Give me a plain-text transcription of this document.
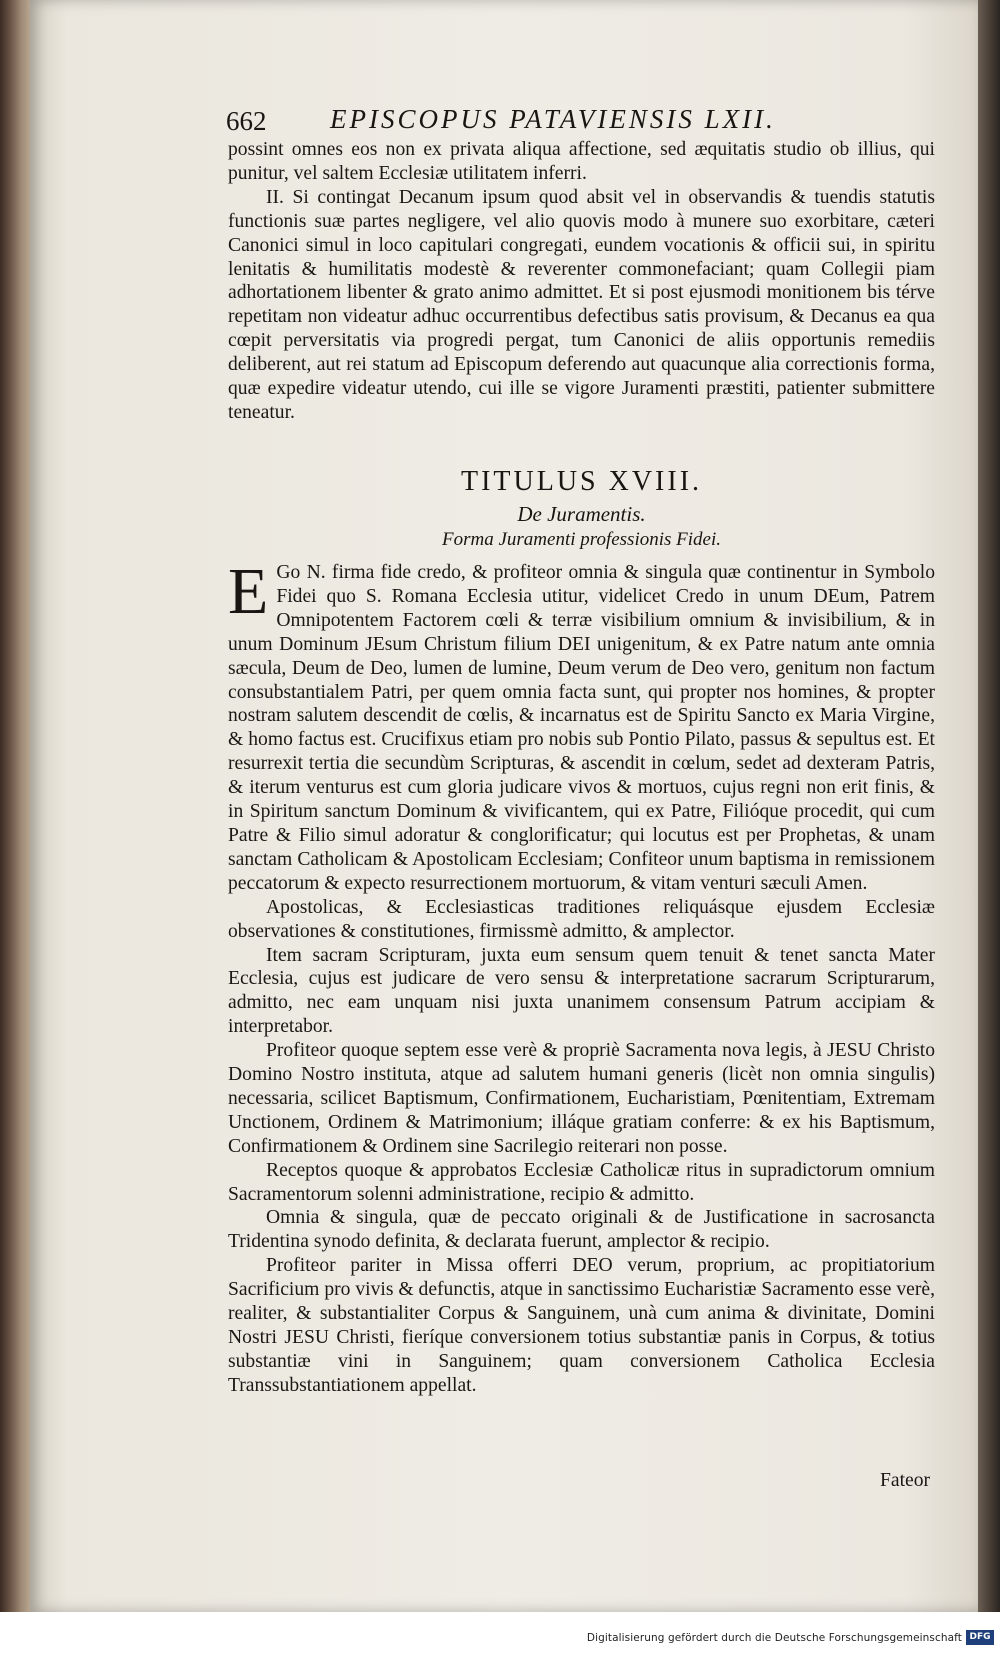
662 EPISCOPUS PATAVIENSIS LXII.

possint omnes eos non ex privata aliqua affectione, sed æquitatis studio ob illius, qui punitur, vel saltem Ecclesiæ utilitatem inferri.

II. Si contingat Decanum ipsum quod absit vel in observandis & tuendis statutis functionis suæ partes negligere, vel alio quovis modo à munere suo exorbitare, cæteri Canonici simul in loco capitulari congregati, eundem vocationis & officii sui, in spiritu lenitatis & humilitatis modestè & reverenter commonefaciant; quam Collegii piam adhortationem libenter & grato animo admittet. Et si post ejusmodi monitionem bis térve repetitam non videatur adhuc occurrentibus defectibus satis provisum, & Decanus ea qua cœpit perversitatis via progredi pergat, tum Canonici de aliis opportunis remediis deliberent, aut rei statum ad Episcopum deferendo aut quacunque alia correctionis forma, quæ expedire videatur utendo, cui ille se vigore Juramenti præstiti, patienter submittere teneatur.

TITULUS XVIII.
De Juramentis.
Forma Juramenti professionis Fidei.

E Go N. firma fide credo, & profiteor omnia & singula quæ continentur in Symbolo Fidei quo S. Romana Ecclesia utitur, videlicet Credo in unum DEum, Patrem Omnipotentem Factorem cœli & terræ visibilium omnium & invisibilium, & in unum Dominum JEsum Christum filium DEI unigenitum, & ex Patre natum ante omnia sæcula, Deum de Deo, lumen de lumine, Deum verum de Deo vero, genitum non factum consubstantialem Patri, per quem omnia facta sunt, qui propter nos homines, & propter nostram salutem descendit de cœlis, & incarnatus est de Spiritu Sancto ex Maria Virgine, & homo factus est. Crucifixus etiam pro nobis sub Pontio Pilato, passus & sepultus est. Et resurrexit tertia die secundùm Scripturas, & ascendit in cœlum, sedet ad dexteram Patris, & iterum venturus est cum gloria judicare vivos & mortuos, cujus regni non erit finis, & in Spiritum sanctum Dominum & vivificantem, qui ex Patre, Filióque procedit, qui cum Patre & Filio simul adoratur & conglorificatur; qui locutus est per Prophetas, & unam sanctam Catholicam & Apostolicam Ecclesiam; Confiteor unum baptisma in remissionem peccatorum & expecto resurrectionem mortuorum, & vitam venturi sæculi Amen.

Apostolicas, & Ecclesiasticas traditiones reliquásque ejusdem Ecclesiæ observationes & constitutiones, firmissmè admitto, & amplector.

Item sacram Scripturam, juxta eum sensum quem tenuit & tenet sancta Mater Ecclesia, cujus est judicare de vero sensu & interpretatione sacrarum Scripturarum, admitto, nec eam unquam nisi juxta unanimem consensum Patrum accipiam & interpretabor.

Profiteor quoque septem esse verè & propriè Sacramenta nova legis, à JESU Christo Domino Nostro instituta, atque ad salutem humani generis (licèt non omnia singulis) necessaria, scilicet Baptismum, Confirmationem, Eucharistiam, Pœnitentiam, Extremam Unctionem, Ordinem & Matrimonium; illáque gratiam conferre: & ex his Baptismum, Confirmationem & Ordinem sine Sacrilegio reiterari non posse.

Receptos quoque & approbatos Ecclesiæ Catholicæ ritus in supradictorum omnium Sacramentorum solenni administratione, recipio & admitto.

Omnia & singula, quæ de peccato originali & de Justificatione in sacrosancta Tridentina synodo definita, & declarata fuerunt, amplector & recipio.

Profiteor pariter in Missa offerri DEO verum, proprium, ac propitiatorium Sacrificium pro vivis & defunctis, atque in sanctissimo Eucharistiæ Sacramento esse verè, realiter, & substantialiter Corpus & Sanguinem, unà cum anima & divinitate, Domini Nostri JESU Christi, fieríque conversionem totius substantiæ panis in Corpus, & totius substantiæ vini in Sanguinem; quam conversionem Catholica Ecclesia Transsubstantiationem appellat.

Fateor
Digitalisierung gefördert durch die Deutsche Forschungsgemeinschaft DFG
